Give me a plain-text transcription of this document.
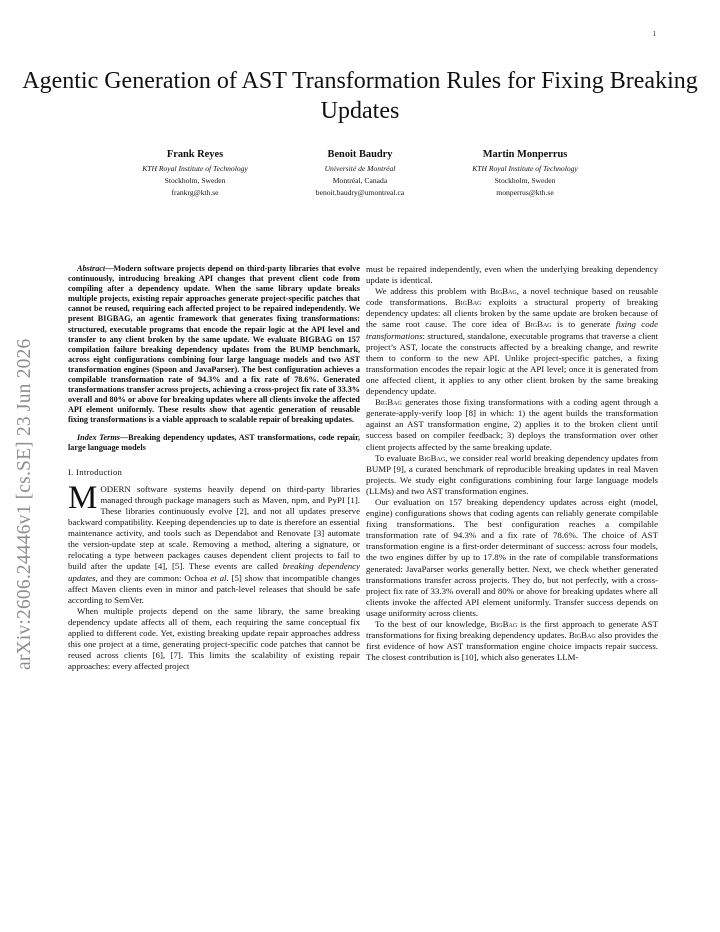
1
Agentic Generation of AST Transformation Rules for Fixing Breaking Updates
Frank Reyes
KTH Royal Institute of Technology
Stockholm, Sweden
frankrg@kth.se
Benoit Baudry
Université de Montréal
Montréal, Canada
benoit.baudry@umontreal.ca
Martin Monperrus
KTH Royal Institute of Technology
Stockholm, Sweden
monperrus@kth.se
arXiv:2606.24446v1 [cs.SE] 23 Jun 2026

Abstract—Modern software projects depend on third-party libraries that evolve continuously, introducing breaking API changes that prevent client code from compiling after a dependency update. When the same library update breaks multiple projects, existing repair approaches generate project-specific patches that cannot be reused, requiring each affected project to be repaired independently. We present BIGBAG, an agentic framework that generates fixing transformations: structured, executable programs that encode the repair logic at the API level and transfer to any client broken by the same update. We evaluate BIGBAG on 157 compilation failure breaking dependency updates from the BUMP benchmark, across eight configurations combining four large language models and two AST transformation engines (Spoon and JavaParser). The best configuration achieves a compilable transformation rate of 94.3% and a fix rate of 78.6%. Generated transformations transfer across projects, achieving a cross-project fix rate of 33.3% overall and 80% or above for breaking updates where all clients invoke the affected API element uniformly. These results show that agentic generation of reusable fixing transformations is a viable approach to scalable repair of breaking updates.

Index Terms—Breaking dependency updates, AST transformations, code repair, large language models

I. Introduction

MODERN software systems heavily depend on third-party libraries managed through package managers such as Maven, npm, and PyPI [1]. These libraries continuously evolve [2], and not all updates preserve backward compatibility. Keeping dependencies up to date is therefore an essential maintenance activity, and tools such as Dependabot and Renovate [3] automate the version-update step at scale. Removing a method, altering a signature, or relocating a type between packages causes dependent client projects to fail to build after the update [4], [5]. These events are called breaking dependency updates, and they are common: Ochoa et al. [5] show that incompatible changes affect Maven clients even in minor and patch-level releases that should be safe according to SemVer.

When multiple projects depend on the same library, the same breaking dependency update affects all of them, each requiring the same conceptual fix applied to different code. Yet, existing breaking update repair approaches address this one project at a time, generating project-specific code patches that cannot be reused across clients [6], [7]. This limits the scalability of existing repair approaches: every affected project

must be repaired independently, even when the underlying breaking dependency update is identical.

We address this problem with BigBag, a novel technique based on reusable code transformations. BigBag exploits a structural property of breaking dependency updates: all clients broken by the same update are broken because of the same root cause. The core idea of BigBag is to generate fixing code transformations: structured, standalone, executable programs that traverse a client project’s AST, locate the constructs affected by a breaking change, and rewrite them to conform to the new API. Unlike project-specific patches, a fixing transformation encodes the repair logic at the API level; once it is generated from one affected client, it applies to any other client broken by the same breaking dependency update.

BigBag generates those fixing transformations with a coding agent through a generate-apply-verify loop [8] in which: 1) the agent builds the transformation against an AST transformation engine, 2) applies it to the broken client until success based on compiler feedback; 3) deploys the transformation over other client projects affected by the same breaking update.

To evaluate BigBag, we consider real world breaking dependency updates from BUMP [9], a curated benchmark of reproducible breaking updates in real Maven projects. We study eight configurations combining four large language models (LLMs) and two AST transformation engines.

Our evaluation on 157 breaking dependency updates across eight (model, engine) configurations shows that coding agents can reliably generate compilable fixing transformations. The best configuration reaches a compilable transformation rate of 94.3% and a fix rate of 78.6%. The choice of AST transformation engine is a first-order determinant of success: across four models, the two engines differ by up to 17.8% in the rate of compilable transformations generated: JavaParser works generally better. Next, we check whether generated transformations transfer across projects. They do, but not perfectly, with a cross-project fix rate of 33.3% overall and 80% or above for breaking updates where all clients invoke the affected API element uniformly. Transfer success depends on usage uniformity across clients.

To the best of our knowledge, BigBag is the first approach to generate AST transformations for fixing breaking dependency updates. BigBag also provides the first evidence of how AST transformation engine choice impacts repair success. The closest contribution is [10], which also generates LLM-
